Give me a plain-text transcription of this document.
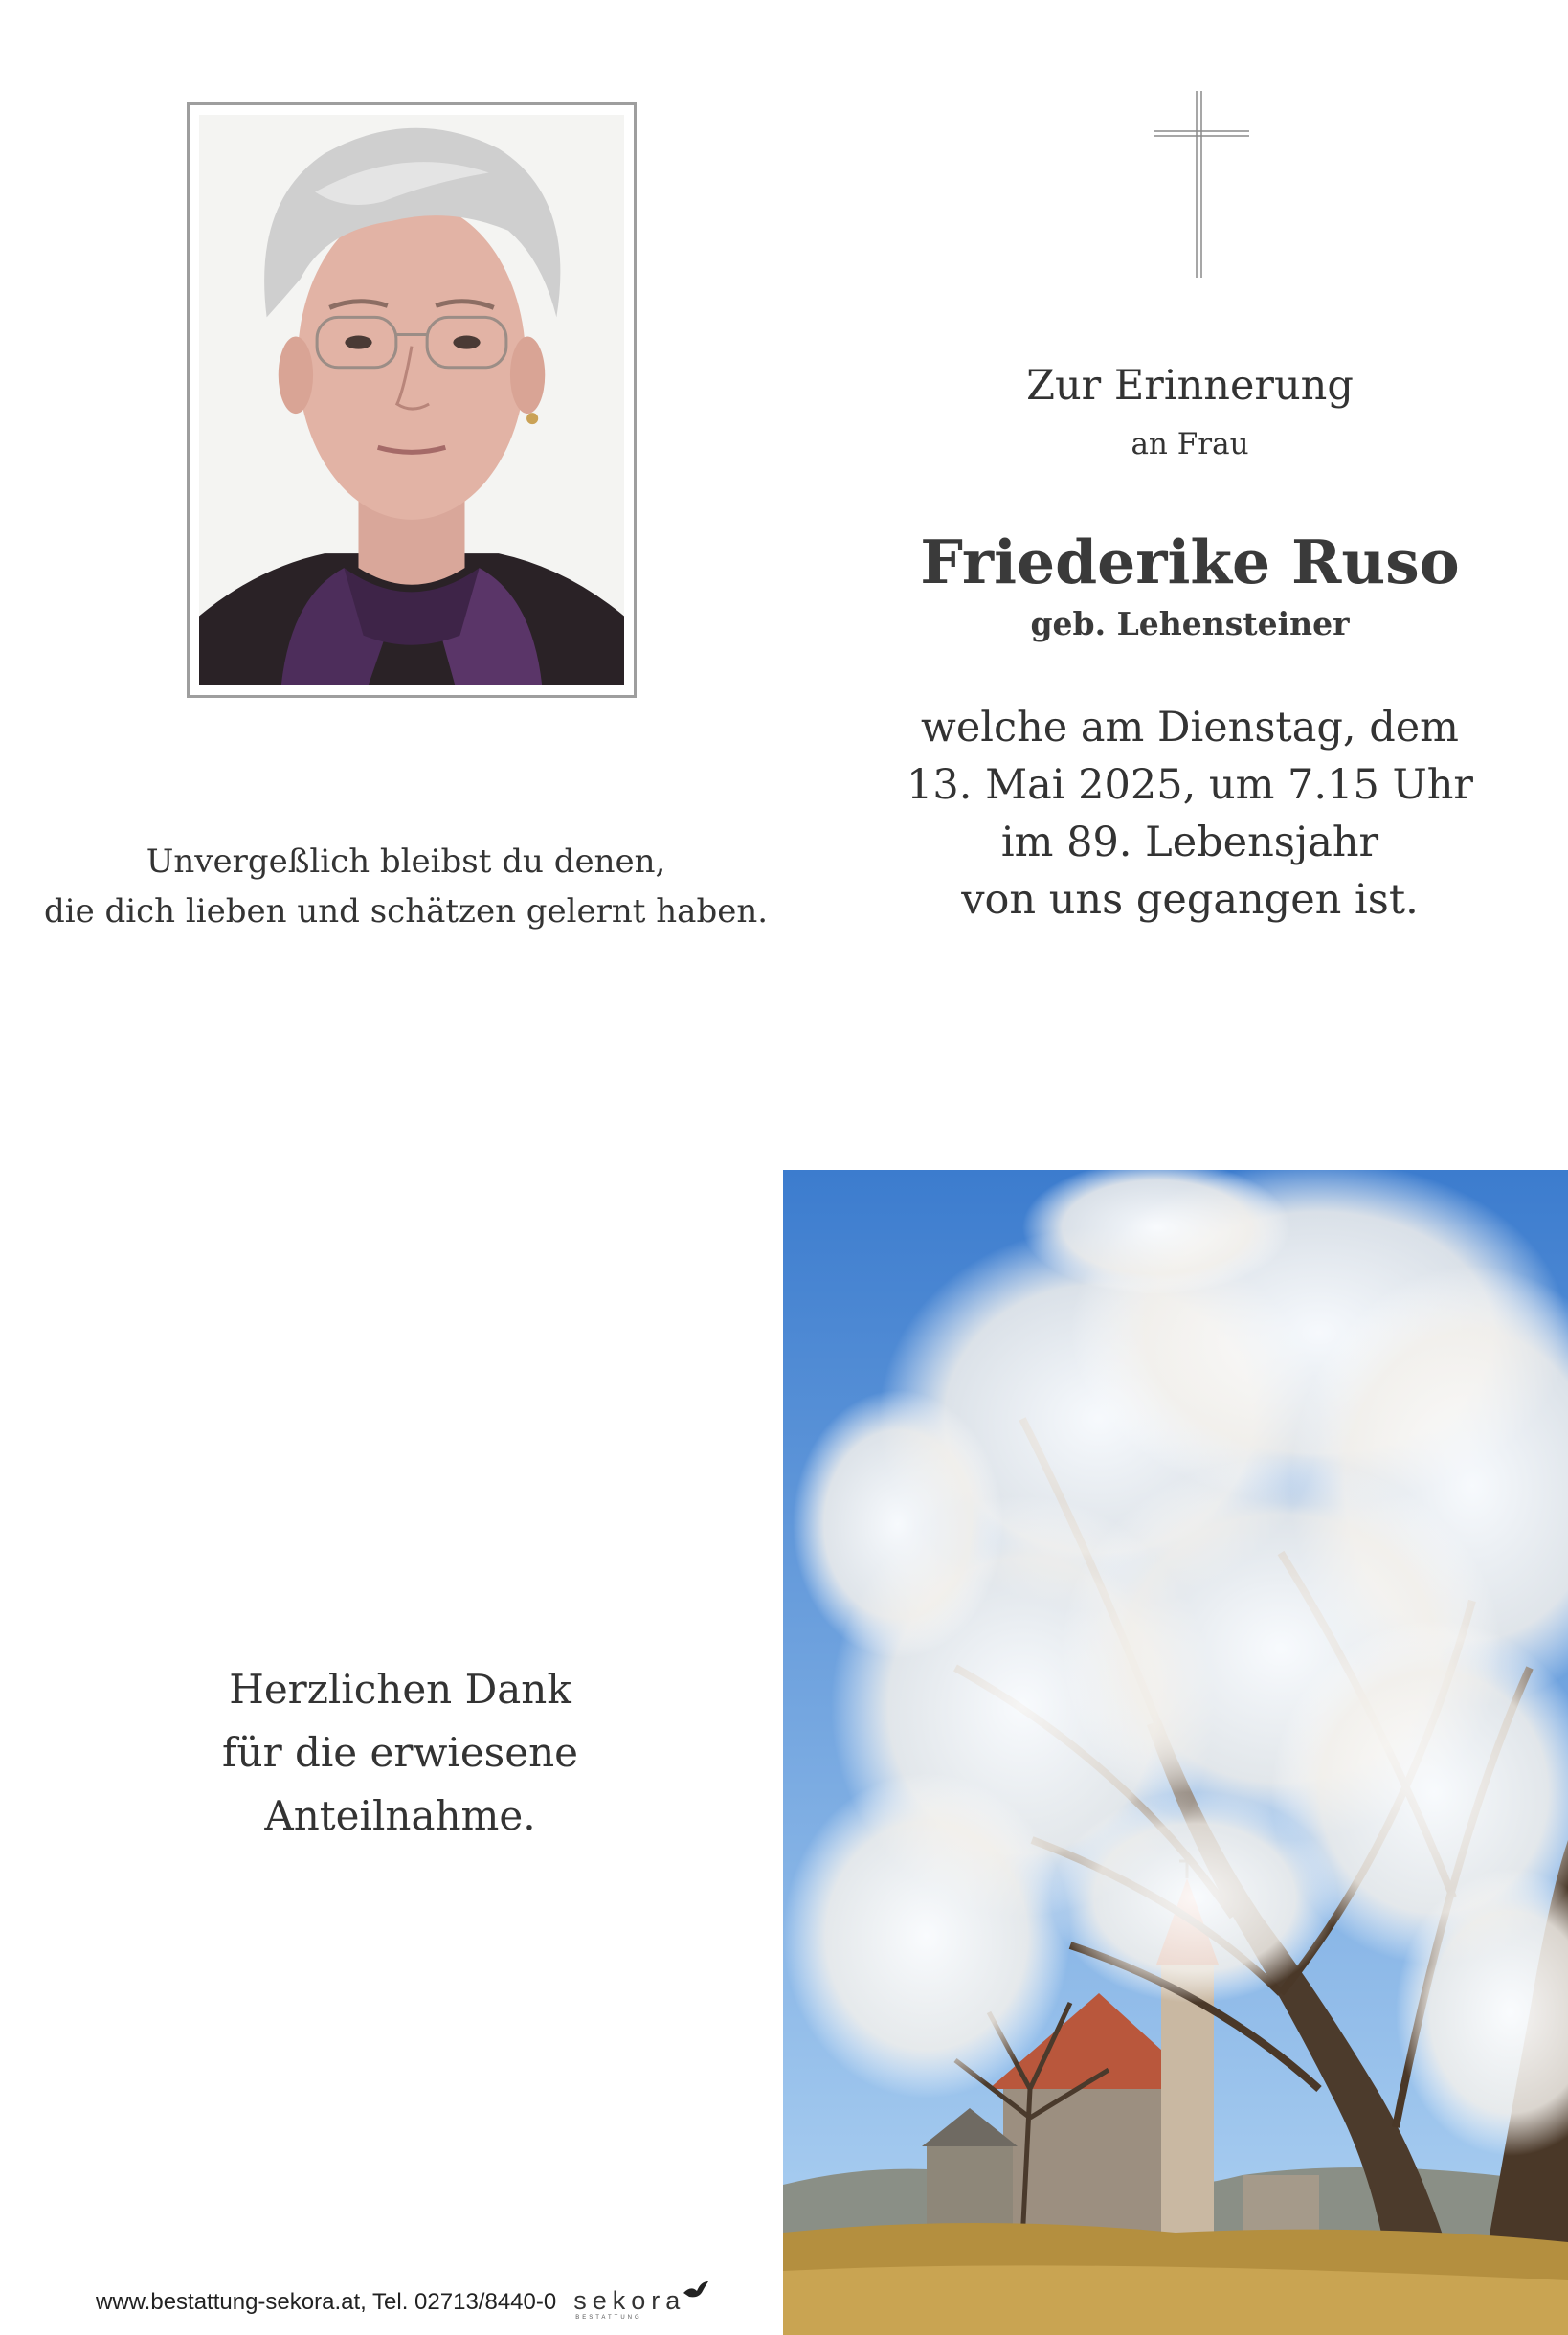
Unvergeßlich bleibst du denen,
die dich lieben und schätzen gelernt haben.
Zur Erinnerung
an Frau
Friederike Ruso
geb. Lehensteiner
welche am Dienstag, dem
13. Mai 2025, um 7.15 Uhr
im 89. Lebensjahr
von uns gegangen ist.
Herzlichen Dank
für die erwiesene
Anteilnahme.
www.bestattung-sekora.at, Tel. 02713/8440-0 sekora
BESTATTUNG
